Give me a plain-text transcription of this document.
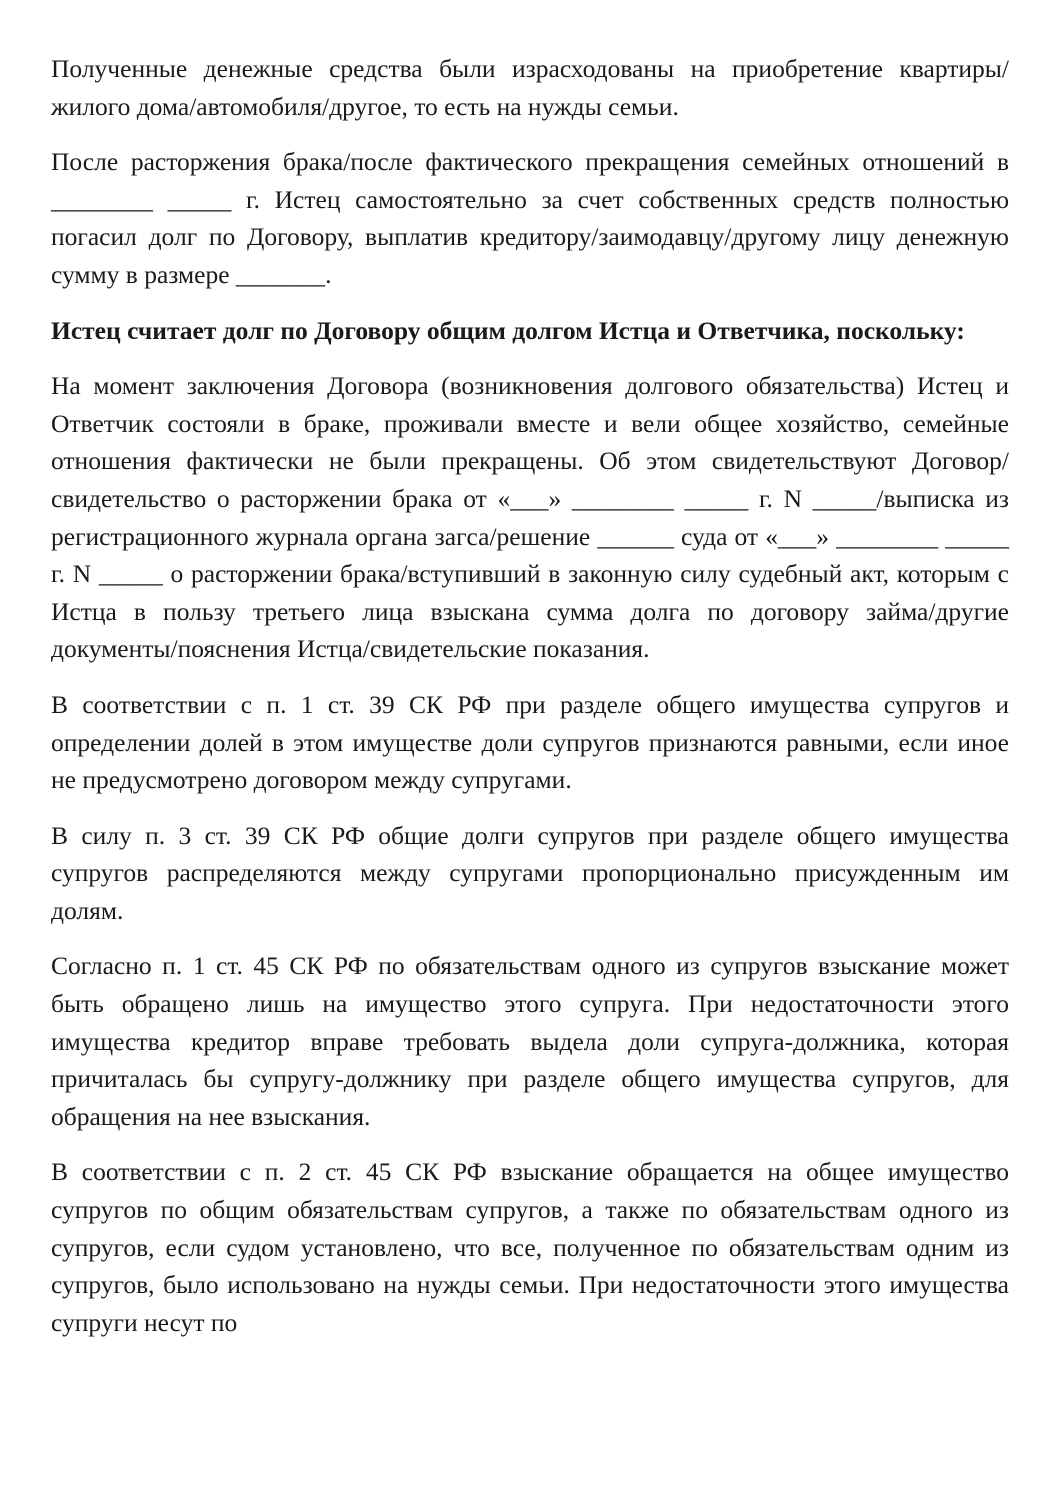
Полученные денежные средства были израсходованы на приобретение квартиры/жилого дома/автомобиля/другое, то есть на нужды семьи.

После расторжения брака/после фактического прекращения семейных отношений в ________ _____ г. Истец самостоятельно за счет собственных средств полностью погасил долг по Договору, выплатив кредитору/заимодавцу/другому лицу денежную сумму в размере _______.

Истец считает долг по Договору общим долгом Истца и Ответчика, поскольку:

На момент заключения Договора (возникновения долгового обязательства) Истец и Ответчик состояли в браке, проживали вместе и вели общее хозяйство, семейные отношения фактически не были прекращены. Об этом свидетельствуют Договор/свидетельство о расторжении брака от «___» ________ _____ г. N _____/выписка из регистрационного журнала органа загса/решение ______ суда от «___» ________ _____ г. N _____ о расторжении брака/вступивший в законную силу судебный акт, которым с Истца в пользу третьего лица взыскана сумма долга по договору займа/другие документы/пояснения Истца/свидетельские показания.

В соответствии с п. 1 ст. 39 СК РФ при разделе общего имущества супругов и определении долей в этом имуществе доли супругов признаются равными, если иное не предусмотрено договором между супругами.

В силу п. 3 ст. 39 СК РФ общие долги супругов при разделе общего имущества супругов распределяются между супругами пропорционально присужденным им долям.

Согласно п. 1 ст. 45 СК РФ по обязательствам одного из супругов взыскание может быть обращено лишь на имущество этого супруга. При недостаточности этого имущества кредитор вправе требовать выдела доли супруга-должника, которая причиталась бы супругу-должнику при разделе общего имущества супругов, для обращения на нее взыскания.

В соответствии с п. 2 ст. 45 СК РФ взыскание обращается на общее имущество супругов по общим обязательствам супругов, а также по обязательствам одного из супругов, если судом установлено, что все, полученное по обязательствам одним из супругов, было использовано на нужды семьи. При недостаточности этого имущества супруги несут по
